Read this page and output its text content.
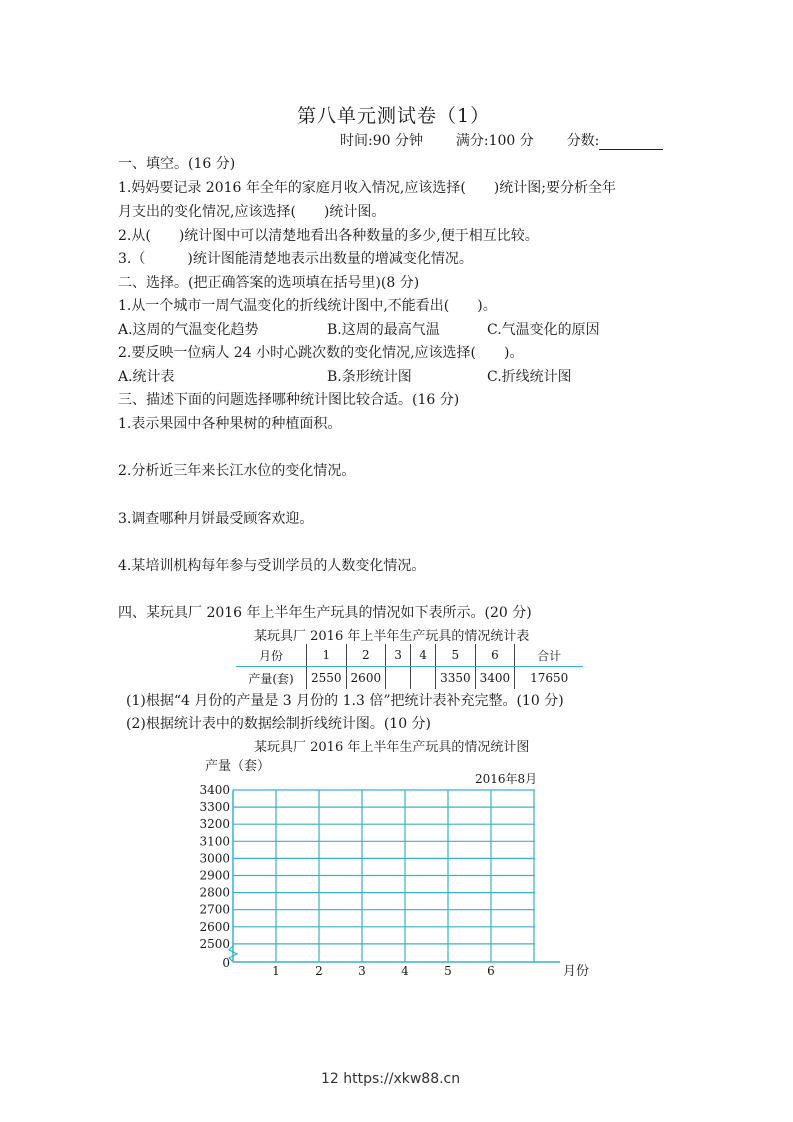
第八单元测试卷（1）
时间:90 分钟 满分:100 分 分数:
一、填空。(16 分)
1.妈妈要记录 2016 年全年的家庭月收入情况,应该选择(　　)统计图;要分析全年
月支出的变化情况,应该选择(　　)统计图。
2.从(　　)统计图中可以清楚地看出各种数量的多少,便于相互比较。
3.（　　　)统计图能清楚地表示出数量的增减变化情况。
二、选择。(把正确答案的选项填在括号里)(8 分)
1.从一个城市一周气温变化的折线统计图中,不能看出(　　)。
A.这周的气温变化趋势	B.这周的最高气温	C.气温变化的原因
2.要反映一位病人 24 小时心跳次数的变化情况,应该选择(　　)。
A.统计表	B.条形统计图	C.折线统计图
三、描述下面的问题选择哪种统计图比较合适。(16 分)
1.表示果园中各种果树的种植面积。
2.分析近三年来长江水位的变化情况。
3.调查哪种月饼最受顾客欢迎。
4.某培训机构每年参与受训学员的人数变化情况。
四、某玩具厂 2016 年上半年生产玩具的情况如下表所示。(20 分)
某玩具厂 2016 年上半年生产玩具的情况统计表
月份	1	2	3	4	5	6	合计
产量(套)	2550	2600			3350	3400	17650
(1)根据“4 月份的产量是 3 月份的 1.3 倍”把统计表补充完整。(10 分)
(2)根据统计表中的数据绘制折线统计图。(10 分)
某玩具厂 2016 年上半年生产玩具的情况统计图
3400
3300
3200
3100
3000
2900
2800
2700
2600
2500
0
1	2	3	4	5	6
产量（套）
月份
2016年8月
12 https://xkw88.cn
